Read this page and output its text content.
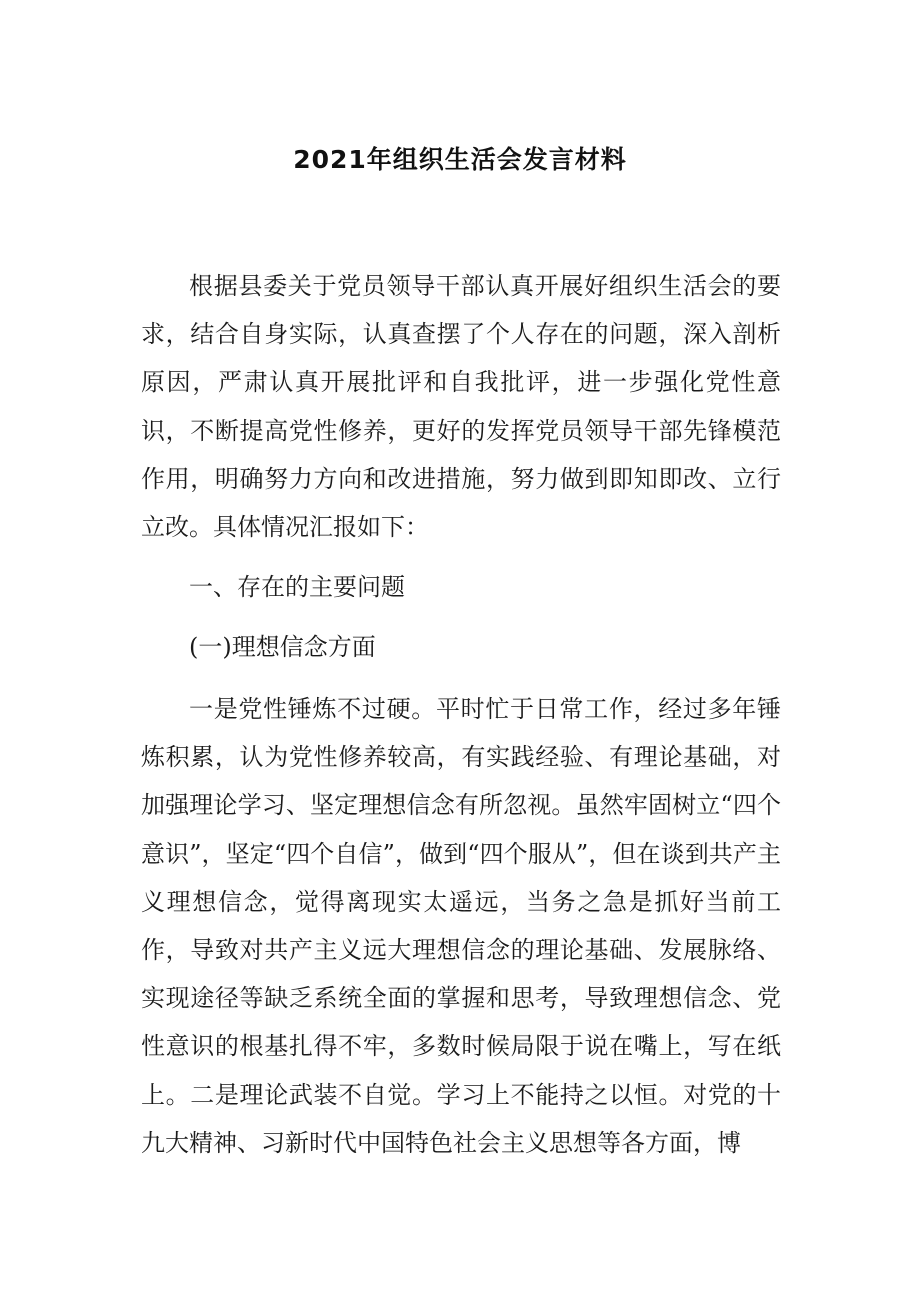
2021年组织生活会发言材料

根据县委关于党员领导干部认真开展好组织生活会的要求，结合自身实际，认真查摆了个人存在的问题，深入剖析原因，严肃认真开展批评和自我批评，进一步强化党性意识，不断提高党性修养，更好的发挥党员领导干部先锋模范作用，明确努力方向和改进措施，努力做到即知即改、立行立改。具体情况汇报如下：

一、存在的主要问题

(一)理想信念方面

一是党性锤炼不过硬。平时忙于日常工作，经过多年锤炼积累，认为党性修养较高，有实践经验、有理论基础，对加强理论学习、坚定理想信念有所忽视。虽然牢固树立“四个意识”，坚定“四个自信”，做到“四个服从”，但在谈到共产主义理想信念，觉得离现实太遥远，当务之急是抓好当前工作，导致对共产主义远大理想信念的理论基础、发展脉络、实现途径等缺乏系统全面的掌握和思考，导致理想信念、党性意识的根基扎得不牢，多数时候局限于说在嘴上，写在纸上。二是理论武装不自觉。学习上不能持之以恒。对党的十九大精神、习新时代中国特色社会主义思想等各方面，博
